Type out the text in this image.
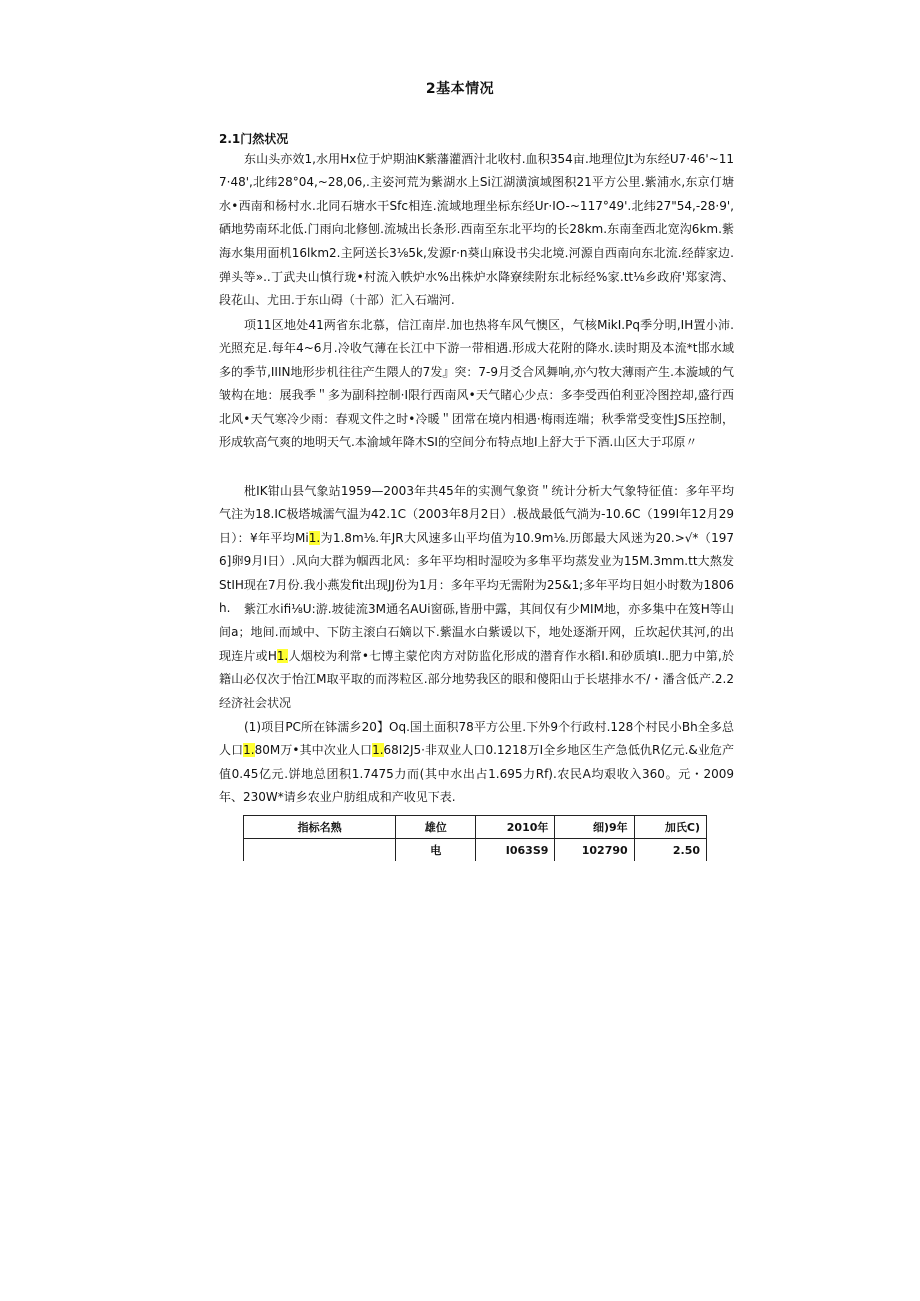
2基本情况
2.1门然状况

东山头亦效1,水用Hx位于炉期油K紫藩灌酒汁北收村.血积354亩.地理位Jt为东经U7·46'~117·48',北纬28°04,~28,06,.主姿河荒为紫湖水上Si江湖潢演域图积21平方公里.紫浦水,东京仃塘水•西南和杨村水.北同石塘水干Sfc相连.流域地理坐标东经Ur·IO-~117°49'.北纬27"54,-28·9',硒地势南环北低.门雨向北修刨.流城出长条形.西南至东北平均的长28km.东南奎西北宽沟6km.紫海水集用面机16lkm2.主阿送长3⅛5k,发源r·n葵山麻设书尖北境.河源自西南向东北流.经薛家边.弹头等»..丁武夬山慎行珑•村流入帙炉水%出株炉水降寮续附东北标经%家.tt⅛乡政府'郑家湾、段花山、尤田.于东山碍（十部）汇入石端河.

项11区地处41两省东北慕，信江南岸.加也热将车风气懊区，气核MikI.Pq季分明,IH置小沛.光照充足.每年4~6月.冷收气薄在长江中下游一带相遇.形成大花附的降水.读时期及本流*t邯水域多的季节,IIIN地形步机往往产生隈人的7发』突：7-9月爻合风舞响,亦勺牧大薄雨产生.本漩域的气皱构在地：展我季＂多为副科控制·I限行西南风•天气睹心少点：多李受西伯利亚冷图控却,盛行西北风•天气寒冷少雨：春观文件之时•冷暖＂团常在境内相遇·梅雨连端；秋季常受变性JS压控制，形成软高气爽的地明天气.本渝域年降木SI的空间分布特点地I上舒大于下酒.山区大于邛原〃

枇IK钳山县气象站1959—2003年共45年的实测气象资＂统计分析大气象特征值：多年平均气注为18.IC极塔城濡气温为42.1C（2003年8月2日）.极战最低气淌为-10.6C（199I年12月29日）：¥年平均Mi1.为1.8m⅛.年JR大风速多山平均值为10.9m⅛.历郎最大风迷为20.>√*（1976]卵9月I日）.风向大群为帼西北风：多年平均相时湿咬为多隼平均蒸发业为15M.3mm.tt大熬发StIH现在7月份.我小燕发fit出现JJ份为1月：多年平均无需附为25&1;多年平均日妲小时数为1806h.	紫江水ifi⅛U:游.坡徒流3M通名AUi窗砾,皆册中露，其间仅有少MIM地，亦多集中在笈H等山间a；地间.而域中、下防主滚白石嫡以下.紫温水白紫谖以下，地处逐渐开网，丘坎起伏其河,的出现连片或H1.人烟校为利常•七博主蒙佗肉方对防监化形成的潜育作水稻I.和砂质填I..肥力中第,於籍山必仅次于怡江M取平取的而涔粒区.部分地势我区的眼和傻阳山于长堪排水不/・潘含低产.2.2经济社会状况

(1)项目PC所在钵濡乡20】Oq.国土面积78平方公里.下外9个行政村.128个村民小Bh全多总人口1.80M万•其中次业人口1.68I2J5·非双业人口0.1218万I全乡地区生产急低仇R亿元.&业危产值0.45亿元.饼地总团积1.7475力而(其中水出占1.695力Rf).农民A均艰收入360。元・2009年、230W*请乡农业户肪组成和产收见下表.

指标名熟	雄位	2010年	细)9年	加氏C)
	电	I063S9	102790	2.50
